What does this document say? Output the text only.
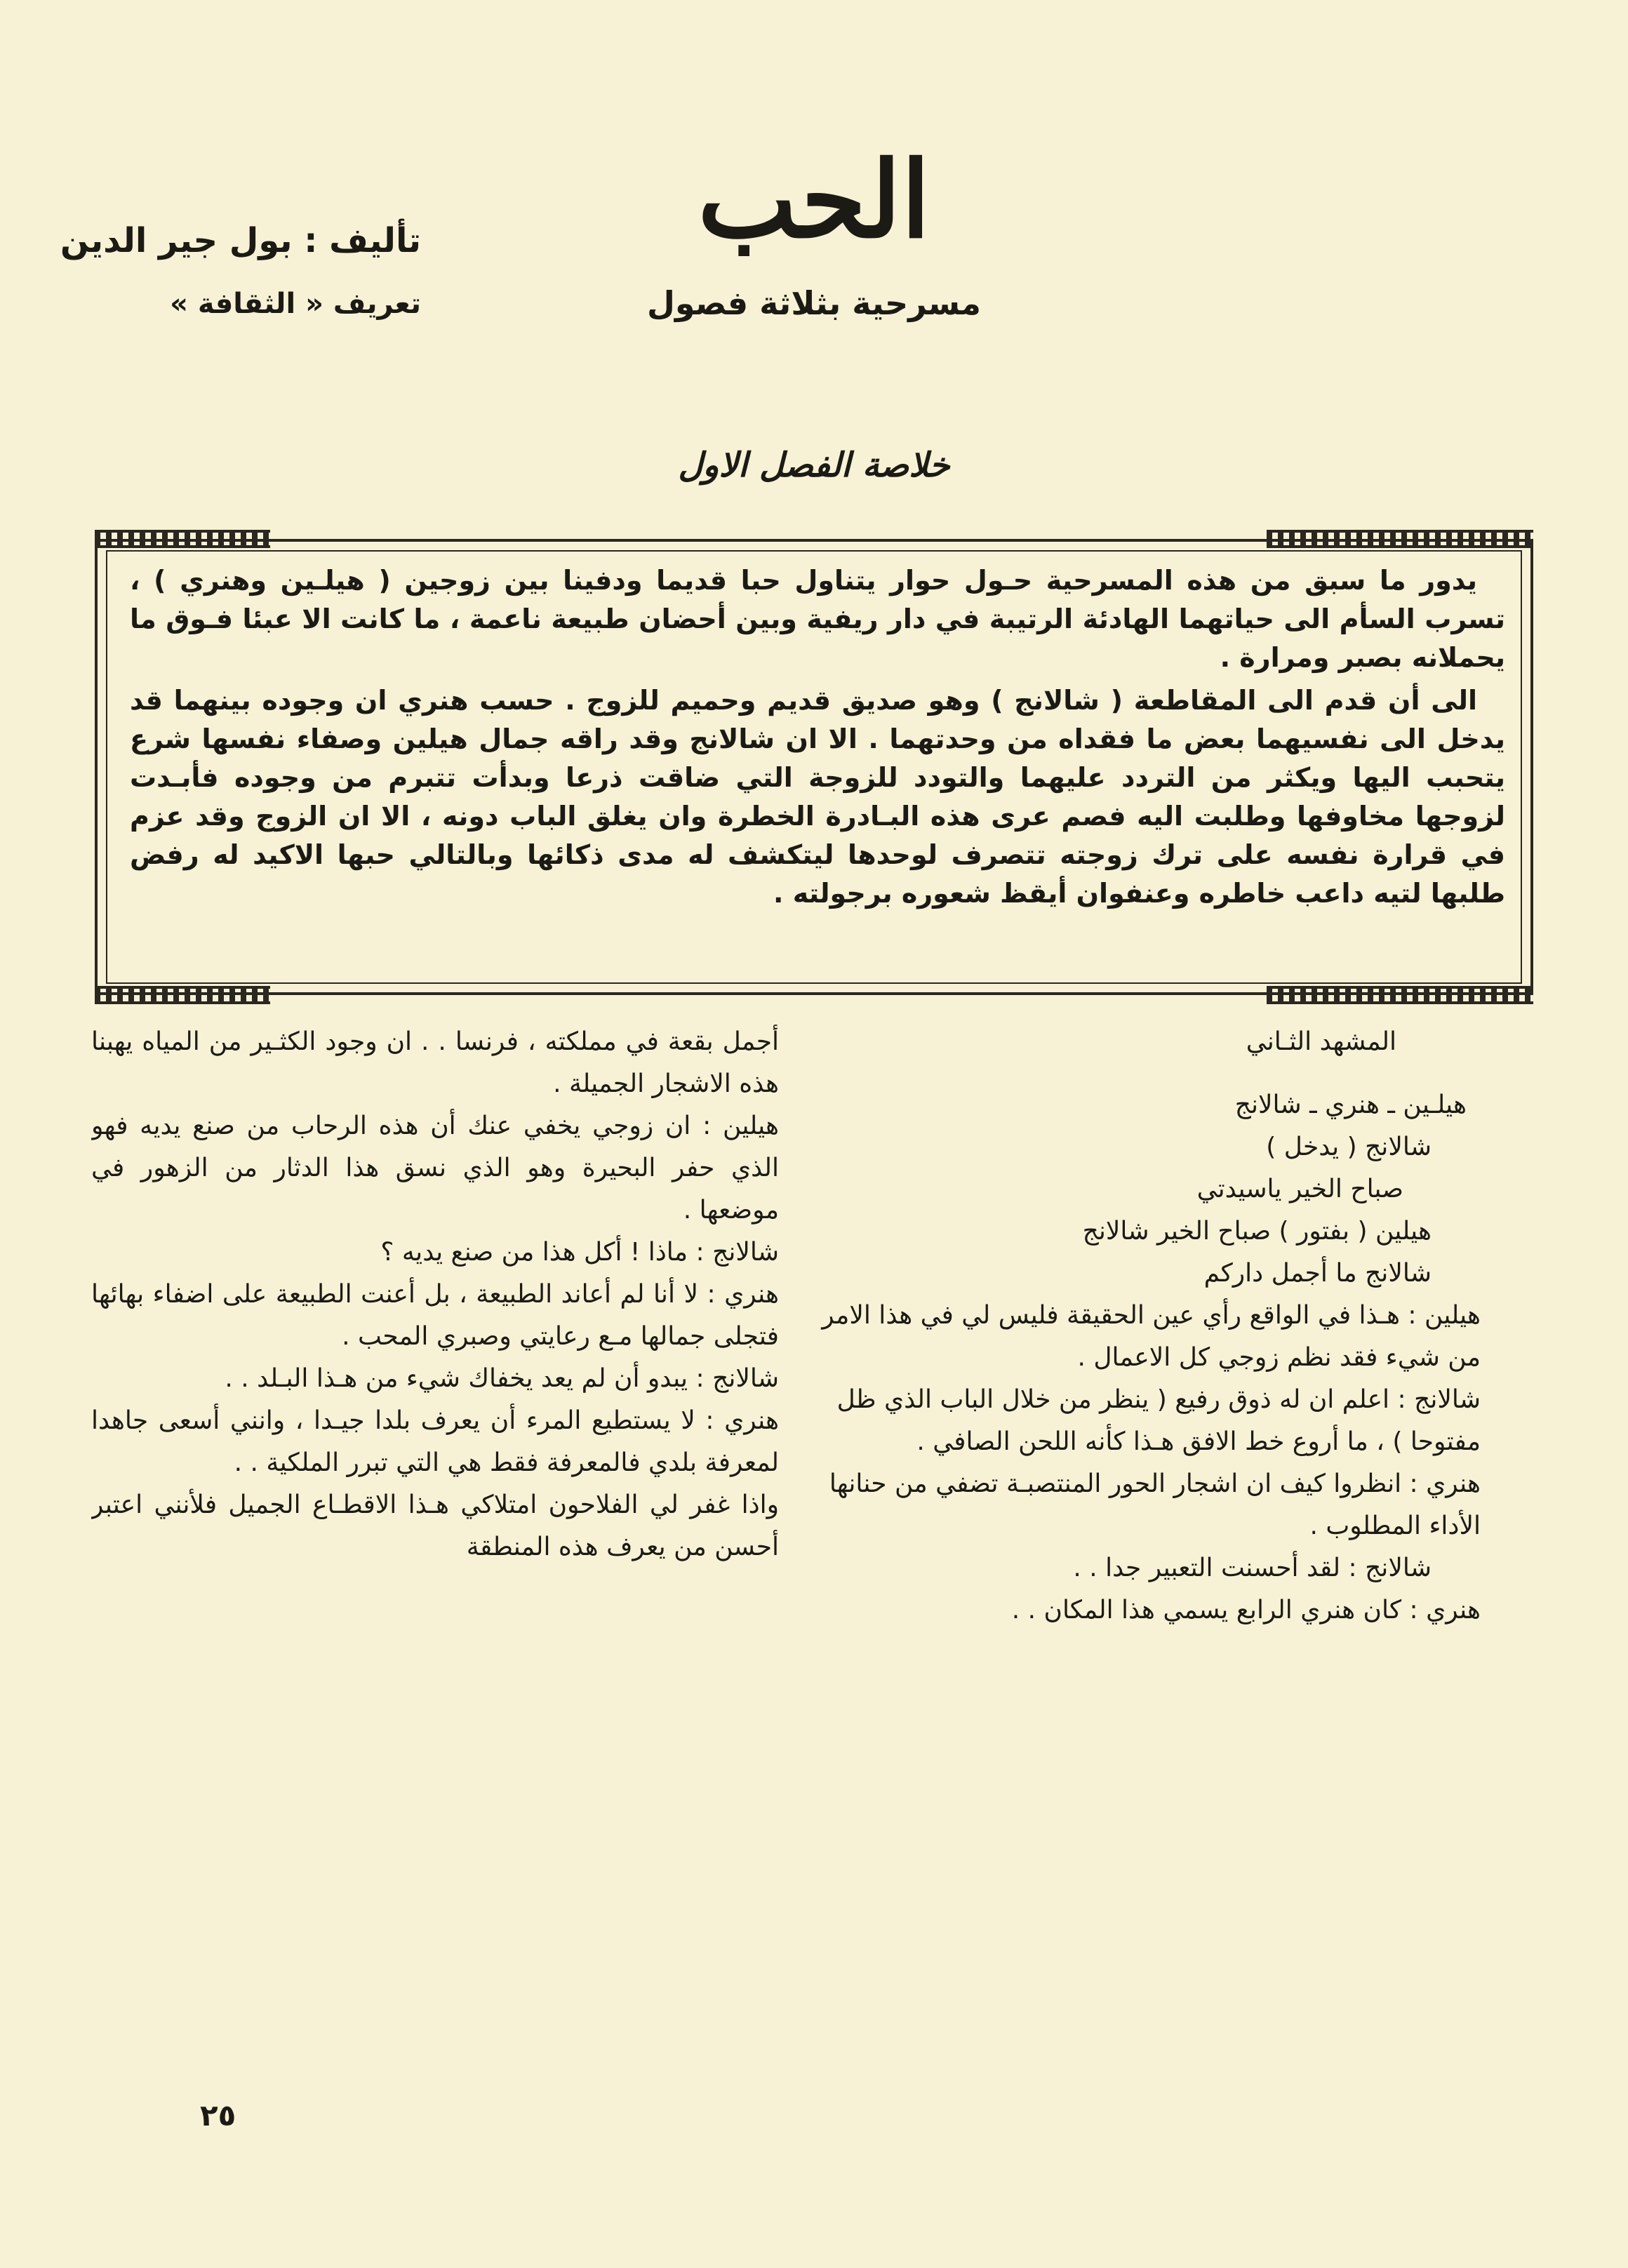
الحب
مسرحية بثلاثة فصول
تأليف : بول جير الدين
تعريف « الثقافة »
خلاصة الفصل الاول

يدور ما سبق من هذه المسرحية حـول حوار يتناول حبا قديما ودفينا بين زوجين ( هيلـين وهنري ) ، تسرب السأم الى حياتهما الهادئة الرتيبة في دار ريفية وبين أحضان طبيعة ناعمة ، ما كانت الا عبئا فـوق ما يحملانه بصبر ومرارة .

الى أن قدم الى المقاطعة ( شالانج ) وهو صديق قديم وحميم للزوج . حسب هنري ان وجوده بينهما قد يدخل الى نفسيهما بعض ما فقداه من وحدتهما . الا ان شالانج وقد راقه جمال هيلين وصفاء نفسها شرع يتحبب اليها ويكثر من التردد عليهما والتودد للزوجة التي ضاقت ذرعا وبدأت تتبرم من وجوده فأبـدت لزوجها مخاوفها وطلبت اليه فصم عرى هذه البـادرة الخطرة وان يغلق الباب دونه ، الا ان الزوج وقد عزم في قرارة نفسه على ترك زوجته تتصرف لوحدها ليتكشف له مدى ذكائها وبالتالي حبها الاكيد له رفض طلبها لتيه داعب خاطره وعنفوان أيقظ شعوره برجولته .

المشهد الثـاني

هيلـين ـ هنري ـ شالانج

شالانج ( يدخل )

صباح الخير ياسيدتي

هيلين ( بفتور ) صباح الخير شالانج

شالانج ما أجمل داركم

هيلين : هـذا في الواقع رأي عين الحقيقة فليس لي في هذا الامر من شيء فقد نظم زوجي كل الاعمال .

شالانج : اعلم ان له ذوق رفيع ( ينظر من خلال الباب الذي ظل مفتوحا ) ، ما أروع خط الافق هـذا كأنه اللحن الصافي .

هنري : انظروا كيف ان اشجار الحور المنتصبـة تضفي من حنانها الأداء المطلوب .

شالانج : لقد أحسنت التعبير جدا . .

هنري : كان هنري الرابع يسمي هذا المكان . .

أجمل بقعة في مملكته ، فرنسا . . ان وجود الكثـير من المياه يهبنا هذه الاشجار الجميلة .

هيلين : ان زوجي يخفي عنك أن هذه الرحاب من صنع يديه فهو الذي حفر البحيرة وهو الذي نسق هذا الدثار من الزهور في موضعها .

شالانج : ماذا ! أكل هذا من صنع يديه ؟

هنري : لا أنا لم أعاند الطبيعة ، بل أعنت الطبيعة على اضفاء بهائها فتجلى جمالها مـع رعايتي وصبري المحب .

شالانج : يبدو أن لم يعد يخفاك شيء من هـذا البـلد . .

هنري : لا يستطيع المرء أن يعرف بلدا جيـدا ، وانني أسعى جاهدا لمعرفة بلدي فالمعرفة فقط هي التي تبرر الملكية . .

واذا غفر لي الفلاحون امتلاكي هـذا الاقطـاع الجميل فلأنني اعتبر أحسن من يعرف هذه المنطقة

٢٥
